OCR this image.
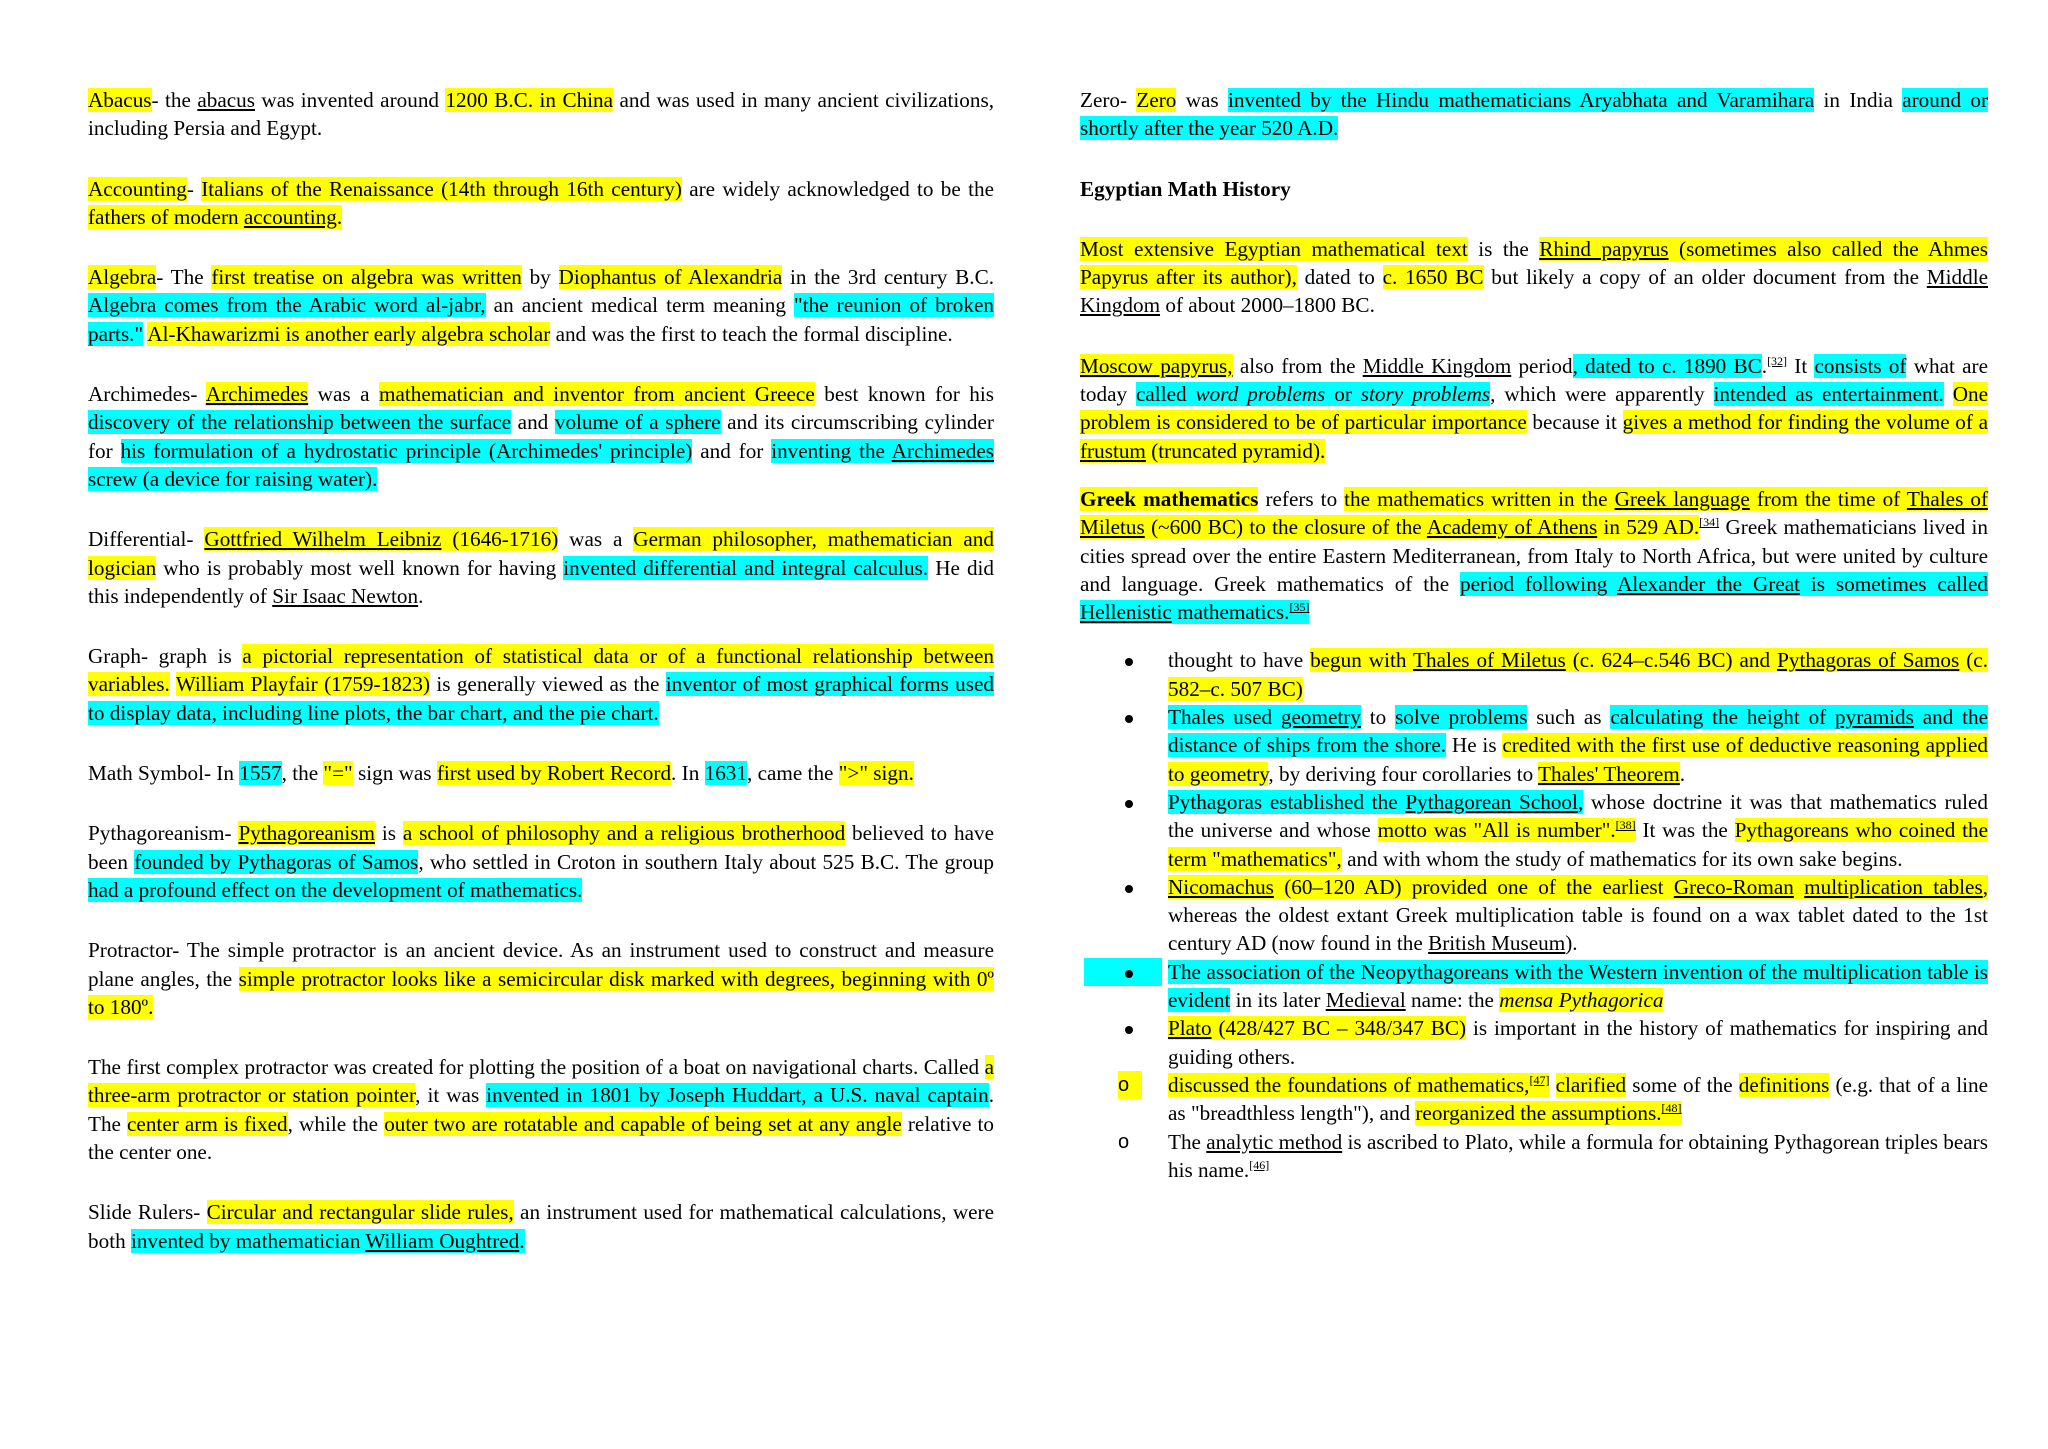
Abacus- the abacus was invented around 1200 B.C. in China and was used in many ancient civilizations, including Persia and Egypt.

Accounting- Italians of the Renaissance (14th through 16th century) are widely acknowledged to be the fathers of modern accounting.

Algebra- The first treatise on algebra was written by Diophantus of Alexandria in the 3rd century B.C. Algebra comes from the Arabic word al-jabr, an ancient medical term meaning "the reunion of broken parts." Al-Khawarizmi is another early algebra scholar and was the first to teach the formal discipline.

Archimedes- Archimedes was a mathematician and inventor from ancient Greece best known for his discovery of the relationship between the surface and volume of a sphere and its circumscribing cylinder for his formulation of a hydrostatic principle (Archimedes' principle) and for inventing the Archimedes screw (a device for raising water).

Differential- Gottfried Wilhelm Leibniz (1646-1716) was a German philosopher, mathematician and logician who is probably most well known for having invented differential and integral calculus. He did this independently of Sir Isaac Newton.

Graph- graph is a pictorial representation of statistical data or of a functional relationship between variables. William Playfair (1759-1823) is generally viewed as the inventor of most graphical forms used to display data, including line plots, the bar chart, and the pie chart.

Math Symbol- In 1557, the "=" sign was first used by Robert Record. In 1631, came the ">" sign.

Pythagoreanism- Pythagoreanism is a school of philosophy and a religious brotherhood believed to have been founded by Pythagoras of Samos, who settled in Croton in southern Italy about 525 B.C. The group had a profound effect on the development of mathematics.

Protractor- The simple protractor is an ancient device. As an instrument used to construct and measure plane angles, the simple protractor looks like a semicircular disk marked with degrees, beginning with 0º to 180º.

The first complex protractor was created for plotting the position of a boat on navigational charts. Called a three-arm protractor or station pointer, it was invented in 1801 by Joseph Huddart, a U.S. naval captain. The center arm is fixed, while the outer two are rotatable and capable of being set at any angle relative to the center one.

Slide Rulers- Circular and rectangular slide rules, an instrument used for mathematical calculations, were both invented by mathematician William Oughtred.

Zero- Zero was invented by the Hindu mathematicians Aryabhata and Varamihara in India around or shortly after the year 520 A.D.

Egyptian Math History

Most extensive Egyptian mathematical text is the Rhind papyrus (sometimes also called the Ahmes Papyrus after its author), dated to c. 1650 BC but likely a copy of an older document from the Middle Kingdom of about 2000–1800 BC.

Moscow papyrus, also from the Middle Kingdom period, dated to c. 1890 BC.[32] It consists of what are today called word problems or story problems, which were apparently intended as entertainment. One problem is considered to be of particular importance because it gives a method for finding the volume of a frustum (truncated pyramid).

Greek mathematics refers to the mathematics written in the Greek language from the time of Thales of Miletus (~600 BC) to the closure of the Academy of Athens in 529 AD.[34] Greek mathematicians lived in cities spread over the entire Eastern Mediterranean, from Italy to North Africa, but were united by culture and language. Greek mathematics of the period following Alexander the Great is sometimes called Hellenistic mathematics.[35]

thought to have begun with Thales of Miletus (c. 624–c.546 BC) and Pythagoras of Samos (c. 582–c. 507 BC)
Thales used geometry to solve problems such as calculating the height of pyramids and the distance of ships from the shore. He is credited with the first use of deductive reasoning applied to geometry, by deriving four corollaries to Thales' Theorem.
Pythagoras established the Pythagorean School, whose doctrine it was that mathematics ruled the universe and whose motto was "All is number".[38] It was the Pythagoreans who coined the term "mathematics", and with whom the study of mathematics for its own sake begins.
Nicomachus (60–120 AD) provided one of the earliest Greco-Roman multiplication tables, whereas the oldest extant Greek multiplication table is found on a wax tablet dated to the 1st century AD (now found in the British Museum).
The association of the Neopythagoreans with the Western invention of the multiplication table is evident in its later Medieval name: the mensa Pythagorica
Plato (428/427 BC – 348/347 BC) is important in the history of mathematics for inspiring and guiding others.
o	discussed the foundations of mathematics,[47] clarified some of the definitions (e.g. that of a line as "breadthless length"), and reorganized the assumptions.[48]
o	The analytic method is ascribed to Plato, while a formula for obtaining Pythagorean triples bears his name.[46]
